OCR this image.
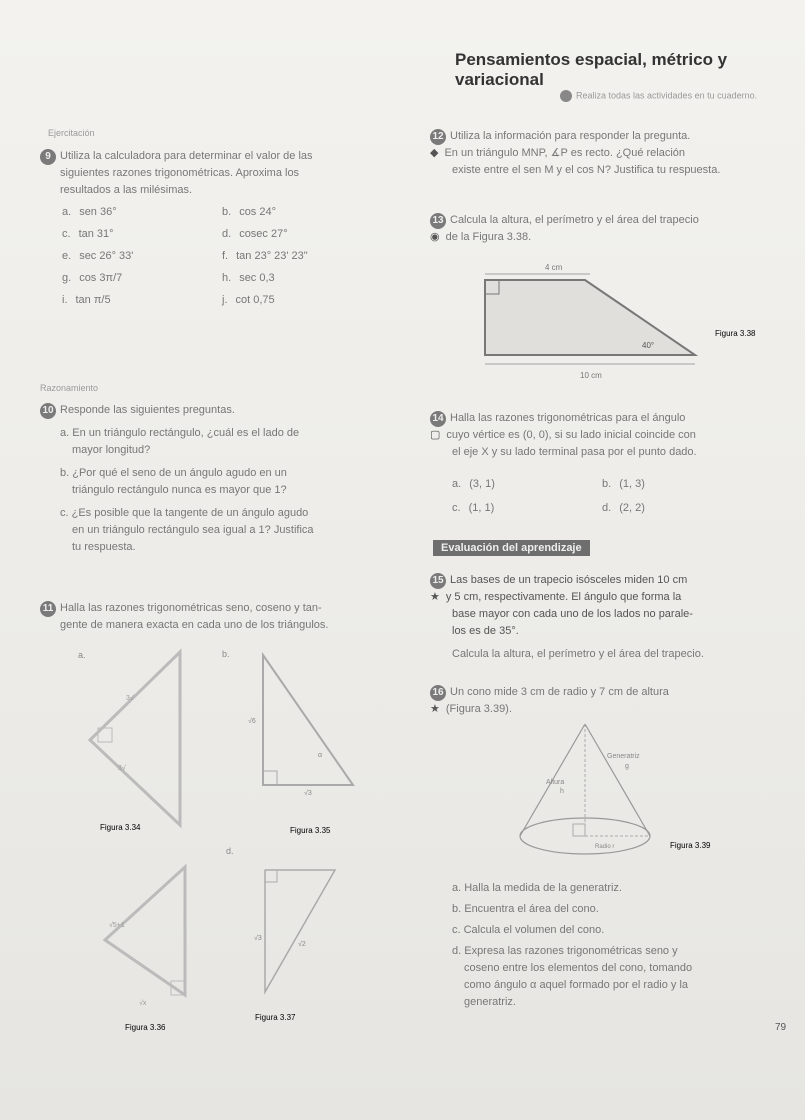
Pensamientos espacial, métrico y variacional
Realiza todas las actividades en tu cuaderno.
Ejercitación
9 Utiliza la calculadora para determinar el valor de las
siguientes razones trigonométricas. Aproxima los
resultados a las milésimas.
a. sen 36°	b. cos 24°
c. tan 31°	d. cosec 27°
e. sec 26° 33'	f. tan 23° 23' 23"
g. cos 3π/7	h. sec 0,3
i. tan π/5	j. cot 0,75
Razonamiento
10 Responde las siguientes preguntas.
a. En un triángulo rectángulo, ¿cuál es el lado de
mayor longitud?
b. ¿Por qué el seno de un ángulo agudo en un
triángulo rectángulo nunca es mayor que 1?
c. ¿Es posible que la tangente de un ángulo agudo
en un triángulo rectángulo sea igual a 1? Justifica
tu respuesta.
11 Halla las razones trigonométricas seno, coseno y tan-
gente de manera exacta en cada uno de los triángulos.
a.
3√
3√
Figura 3.34
b.
√6
√3
α
Figura 3.35
√5+1
√x
Figura 3.36
d.
√2
√3
Figura 3.37
12 Utiliza la información para responder la pregunta.
◆ En un triángulo MNP, ∡P es recto. ¿Qué relación
existe entre el sen M y el cos N? Justifica tu respuesta.
13 Calcula la altura, el perímetro y el área del trapecio
◉ de la Figura 3.38.
4 cm
40°
10 cm
Figura 3.38
14 Halla las razones trigonométricas para el ángulo
▢ cuyo vértice es (0, 0), si su lado inicial coincide con
el eje X y su lado terminal pasa por el punto dado.
a. (3, 1)	b. (1, 3)
c. (1, 1)	d. (2, 2)
Evaluación del aprendizaje
15 Las bases de un trapecio isósceles miden 10 cm
★ y 5 cm, respectivamente. El ángulo que forma la
base mayor con cada uno de los lados no parale-
los es de 35°.
Calcula la altura, el perímetro y el área del trapecio.
16 Un cono mide 3 cm de radio y 7 cm de altura
★ (Figura 3.39).
Generatriz
g
Altura
h
Radio r	Figura 3.39
a. Halla la medida de la generatriz.
b. Encuentra el área del cono.
c. Calcula el volumen del cono.
d. Expresa las razones trigonométricas seno y
coseno entre los elementos del cono, tomando
como ángulo α aquel formado por el radio y la
generatriz.
79
